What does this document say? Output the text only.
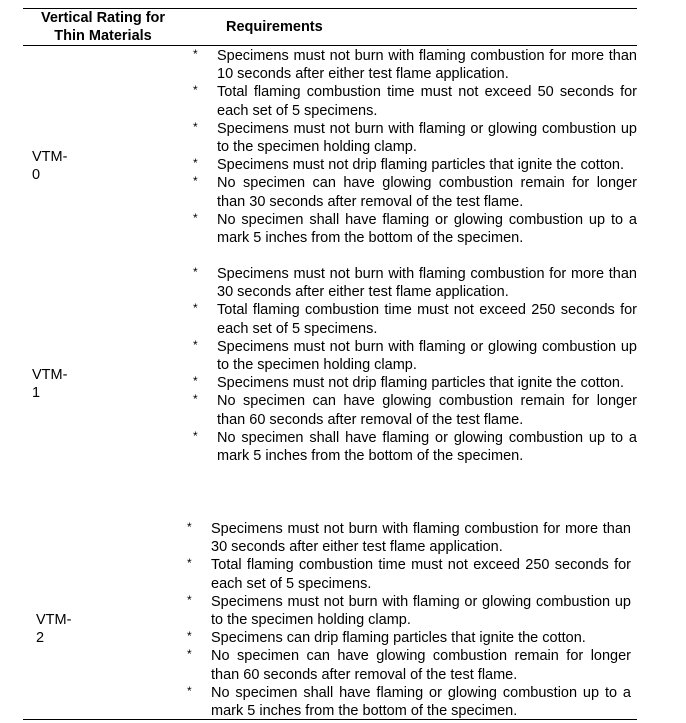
Vertical Rating for Thin Materials
Requirements
VTM-0
* Specimens must not burn with flaming combustion for more than 10 seconds after either test flame application.
* Total flaming combustion time must not exceed 50 seconds for each set of 5 specimens.
* Specimens must not burn with flaming or glowing combustion up to the specimen holding clamp.
* Specimens must not drip flaming particles that ignite the cotton.
* No specimen can have glowing combustion remain for longer than 30 seconds after removal of the test flame.
* No specimen shall have flaming or glowing combustion up to a mark 5 inches from the bottom of the specimen.
VTM-1
* Specimens must not burn with flaming combustion for more than 30 seconds after either test flame application.
* Total flaming combustion time must not exceed 250 seconds for each set of 5 specimens.
* Specimens must not burn with flaming or glowing combustion up to the specimen holding clamp.
* Specimens must not drip flaming particles that ignite the cotton.
* No specimen can have glowing combustion remain for longer than 60 seconds after removal of the test flame.
* No specimen shall have flaming or glowing combustion up to a mark 5 inches from the bottom of the specimen.
VTM-2
* Specimens must not burn with flaming combustion for more than 30 seconds after either test flame application.
* Total flaming combustion time must not exceed 250 seconds for each set of 5 specimens.
* Specimens must not burn with flaming or glowing combustion up to the specimen holding clamp.
* Specimens can drip flaming particles that ignite the cotton.
* No specimen can have glowing combustion remain for longer than 60 seconds after removal of the test flame.
* No specimen shall have flaming or glowing combustion up to a mark 5 inches from the bottom of the specimen.
